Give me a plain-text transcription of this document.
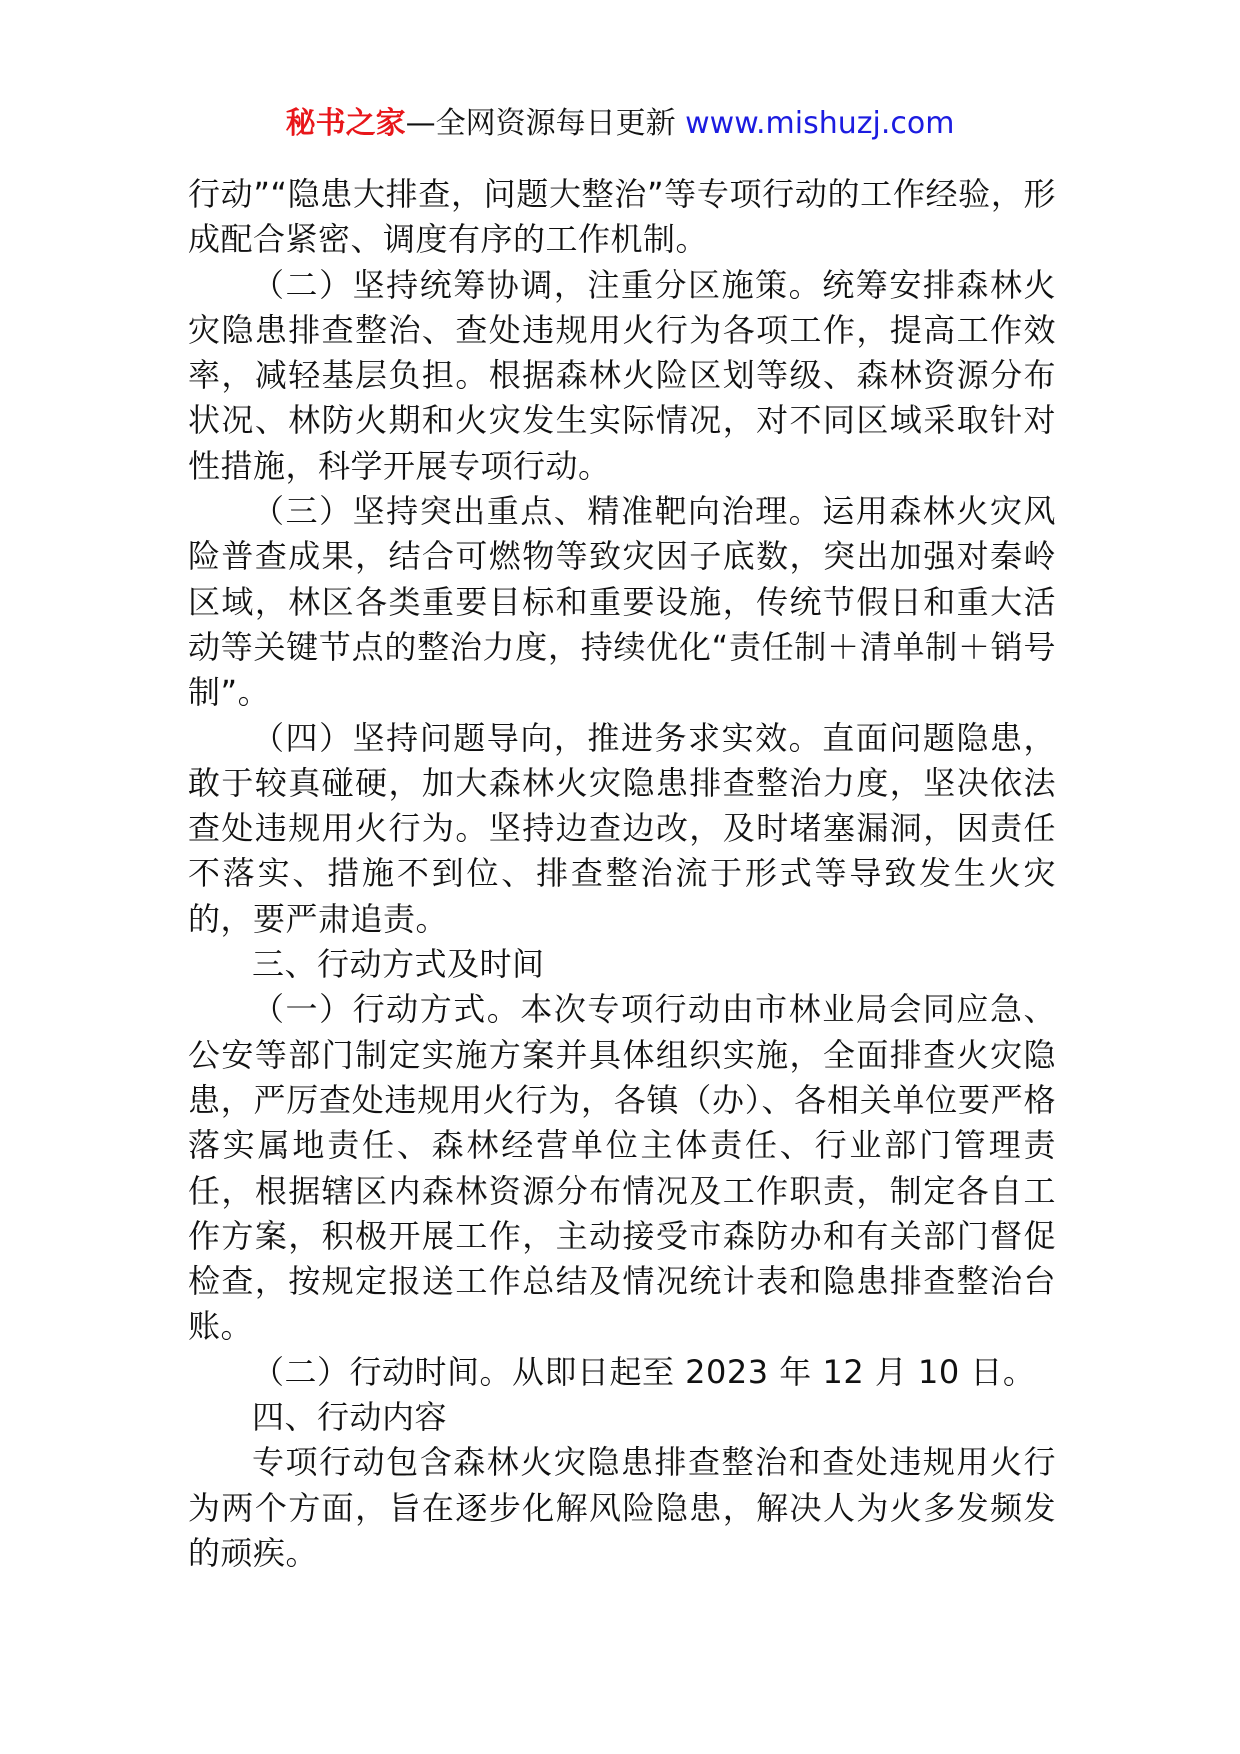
秘书之家—全网资源每日更新 www.mishuzj.com

行动”“隐患大排查，问题大整治”等专项行动的工作经验，形成配合紧密、调度有序的工作机制。

（二）坚持统筹协调，注重分区施策。统筹安排森林火灾隐患排查整治、查处违规用火行为各项工作，提高工作效率，减轻基层负担。根据森林火险区划等级、森林资源分布状况、林防火期和火灾发生实际情况，对不同区域采取针对性措施，科学开展专项行动。

（三）坚持突出重点、精准靶向治理。运用森林火灾风险普查成果，结合可燃物等致灾因子底数，突出加强对秦岭区域，林区各类重要目标和重要设施，传统节假日和重大活动等关键节点的整治力度，持续优化“责任制＋清单制＋销号制”。

（四）坚持问题导向，推进务求实效。直面问题隐患，敢于较真碰硬，加大森林火灾隐患排查整治力度，坚决依法查处违规用火行为。坚持边查边改，及时堵塞漏洞，因责任不落实、措施不到位、排查整治流于形式等导致发生火灾的，要严肃追责。

三、行动方式及时间

（一）行动方式。本次专项行动由市林业局会同应急、公安等部门制定实施方案并具体组织实施，全面排查火灾隐患，严厉查处违规用火行为，各镇（办）、各相关单位要严格落实属地责任、森林经营单位主体责任、行业部门管理责任，根据辖区内森林资源分布情况及工作职责，制定各自工作方案，积极开展工作，主动接受市森防办和有关部门督促检查，按规定报送工作总结及情况统计表和隐患排查整治台账。

（二）行动时间。从即日起至 2023 年 12 月 10 日。

四、行动内容

专项行动包含森林火灾隐患排查整治和查处违规用火行为两个方面，旨在逐步化解风险隐患，解决人为火多发频发的顽疾。
